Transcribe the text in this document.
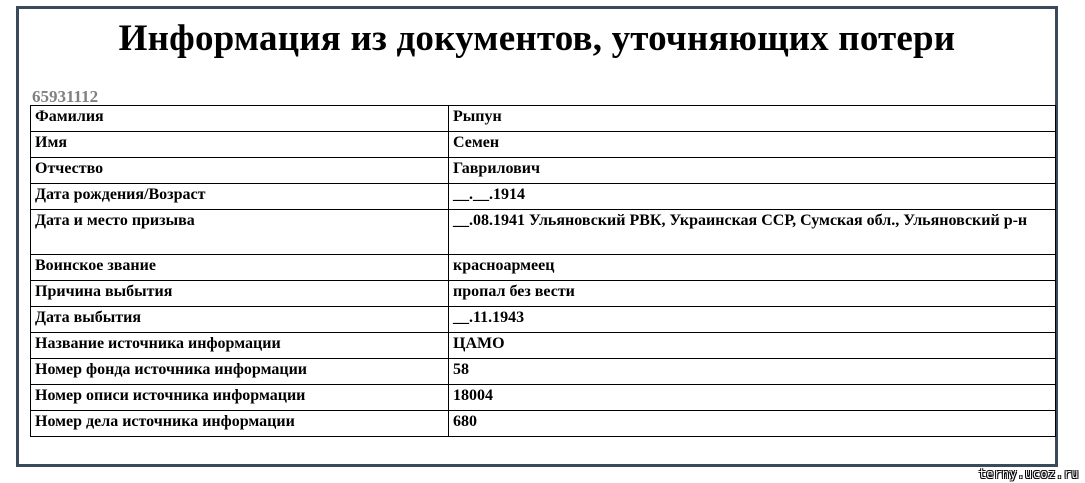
Информация из документов, уточняющих потери
65931112
Фамилия	Рыпун
Имя	Семен
Отчество	Гаврилович
Дата рождения/Возраст	__.__.1914
Дата и место призыва	__.08.1941 Ульяновский РВК, Украинская ССР, Сумская обл., Ульяновский р-н
Воинское звание	красноармеец
Причина выбытия	пропал без вести
Дата выбытия	__.11.1943
Название источника информации	ЦАМО
Номер фонда источника информации	58
Номер описи источника информации	18004
Номер дела источника информации	680
terny.ucoz.ru
